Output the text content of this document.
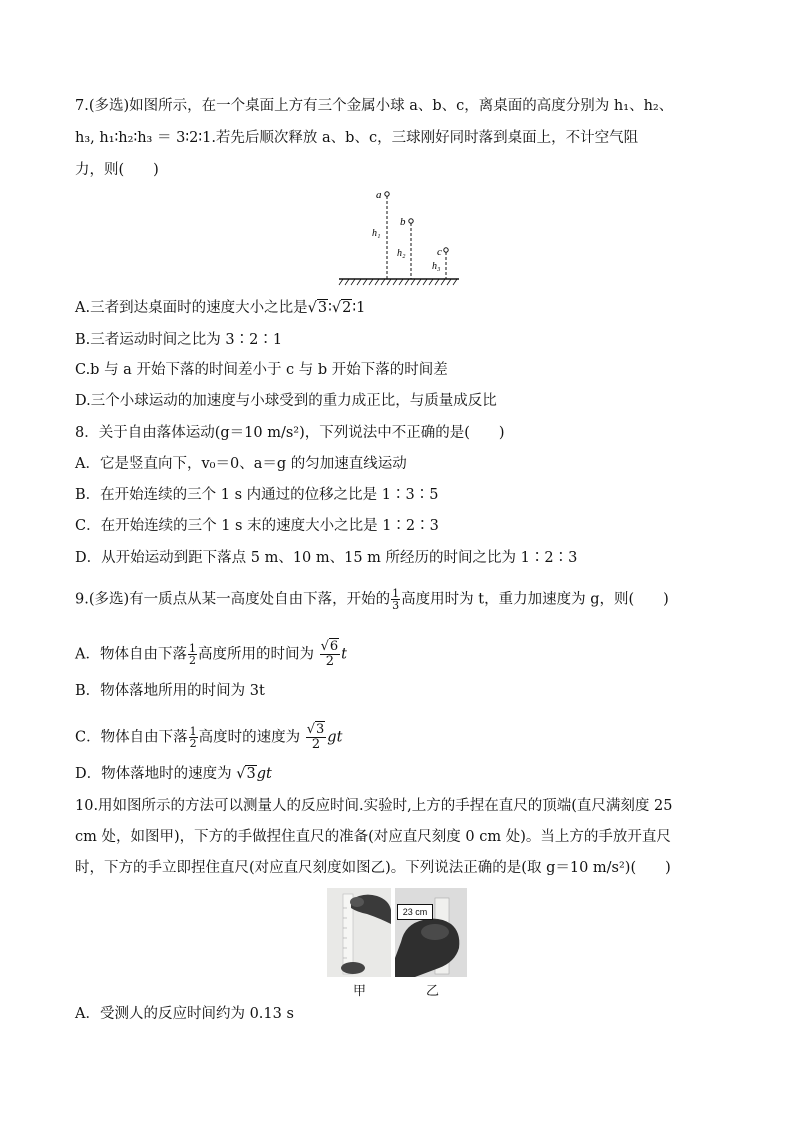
7.(多选)如图所示，在一个桌面上方有三个金属小球 a、b、c，离桌面的高度分别为 h₁、h₂、
h₃, h₁∶h₂∶h₃ ＝ 3∶2∶1.若先后顺次释放 a、b、c，三球刚好同时落到桌面上，不计空气阻
力，则(　　)
a
b
c
h₁
h₂
h₃
A.三者到达桌面时的速度大小之比是√3∶√2∶1
B.三者运动时间之比为 3∶2∶1
C.b 与 a 开始下落的时间差小于 c 与 b 开始下落的时间差
D.三个小球运动的加速度与小球受到的重力成正比，与质量成反比
8．关于自由落体运动(g＝10 m/s²)，下列说法中不正确的是(　　)
A．它是竖直向下，v₀＝0、a＝g 的匀加速直线运动
B．在开始连续的三个 1 s 内通过的位移之比是 1∶3∶5
C．在开始连续的三个 1 s 末的速度大小之比是 1∶2∶3
D．从开始运动到距下落点 5 m、10 m、15 m 所经历的时间之比为 1∶2∶3
9.(多选)有一质点从某一高度处自由下落，开始的 $\frac{1}{3}$ 高度用时为 t，重力加速度为 g，则(　　)
A．物体自由下落 $\frac{1}{2}$ 高度所用的时间为 $\frac{√6}{2}$ t
B．物体落地所用的时间为 3t
C．物体自由下落 $\frac{1}{2}$ 高度时的速度为 $\frac{√3}{2}$ gt
D．物体落地时的速度为 √3gt
10.用如图所示的方法可以测量人的反应时间.实验时,上方的手捏在直尺的顶端(直尺满刻度 25
cm 处，如图甲)，下方的手做捏住直尺的准备(对应直尺刻度 0 cm 处)。当上方的手放开直尺
时，下方的手立即捏住直尺(对应直尺刻度如图乙)。下列说法正确的是(取 g＝10 m/s²)(　　)
23 cm
甲	乙
A．受测人的反应时间约为 0.13 s
